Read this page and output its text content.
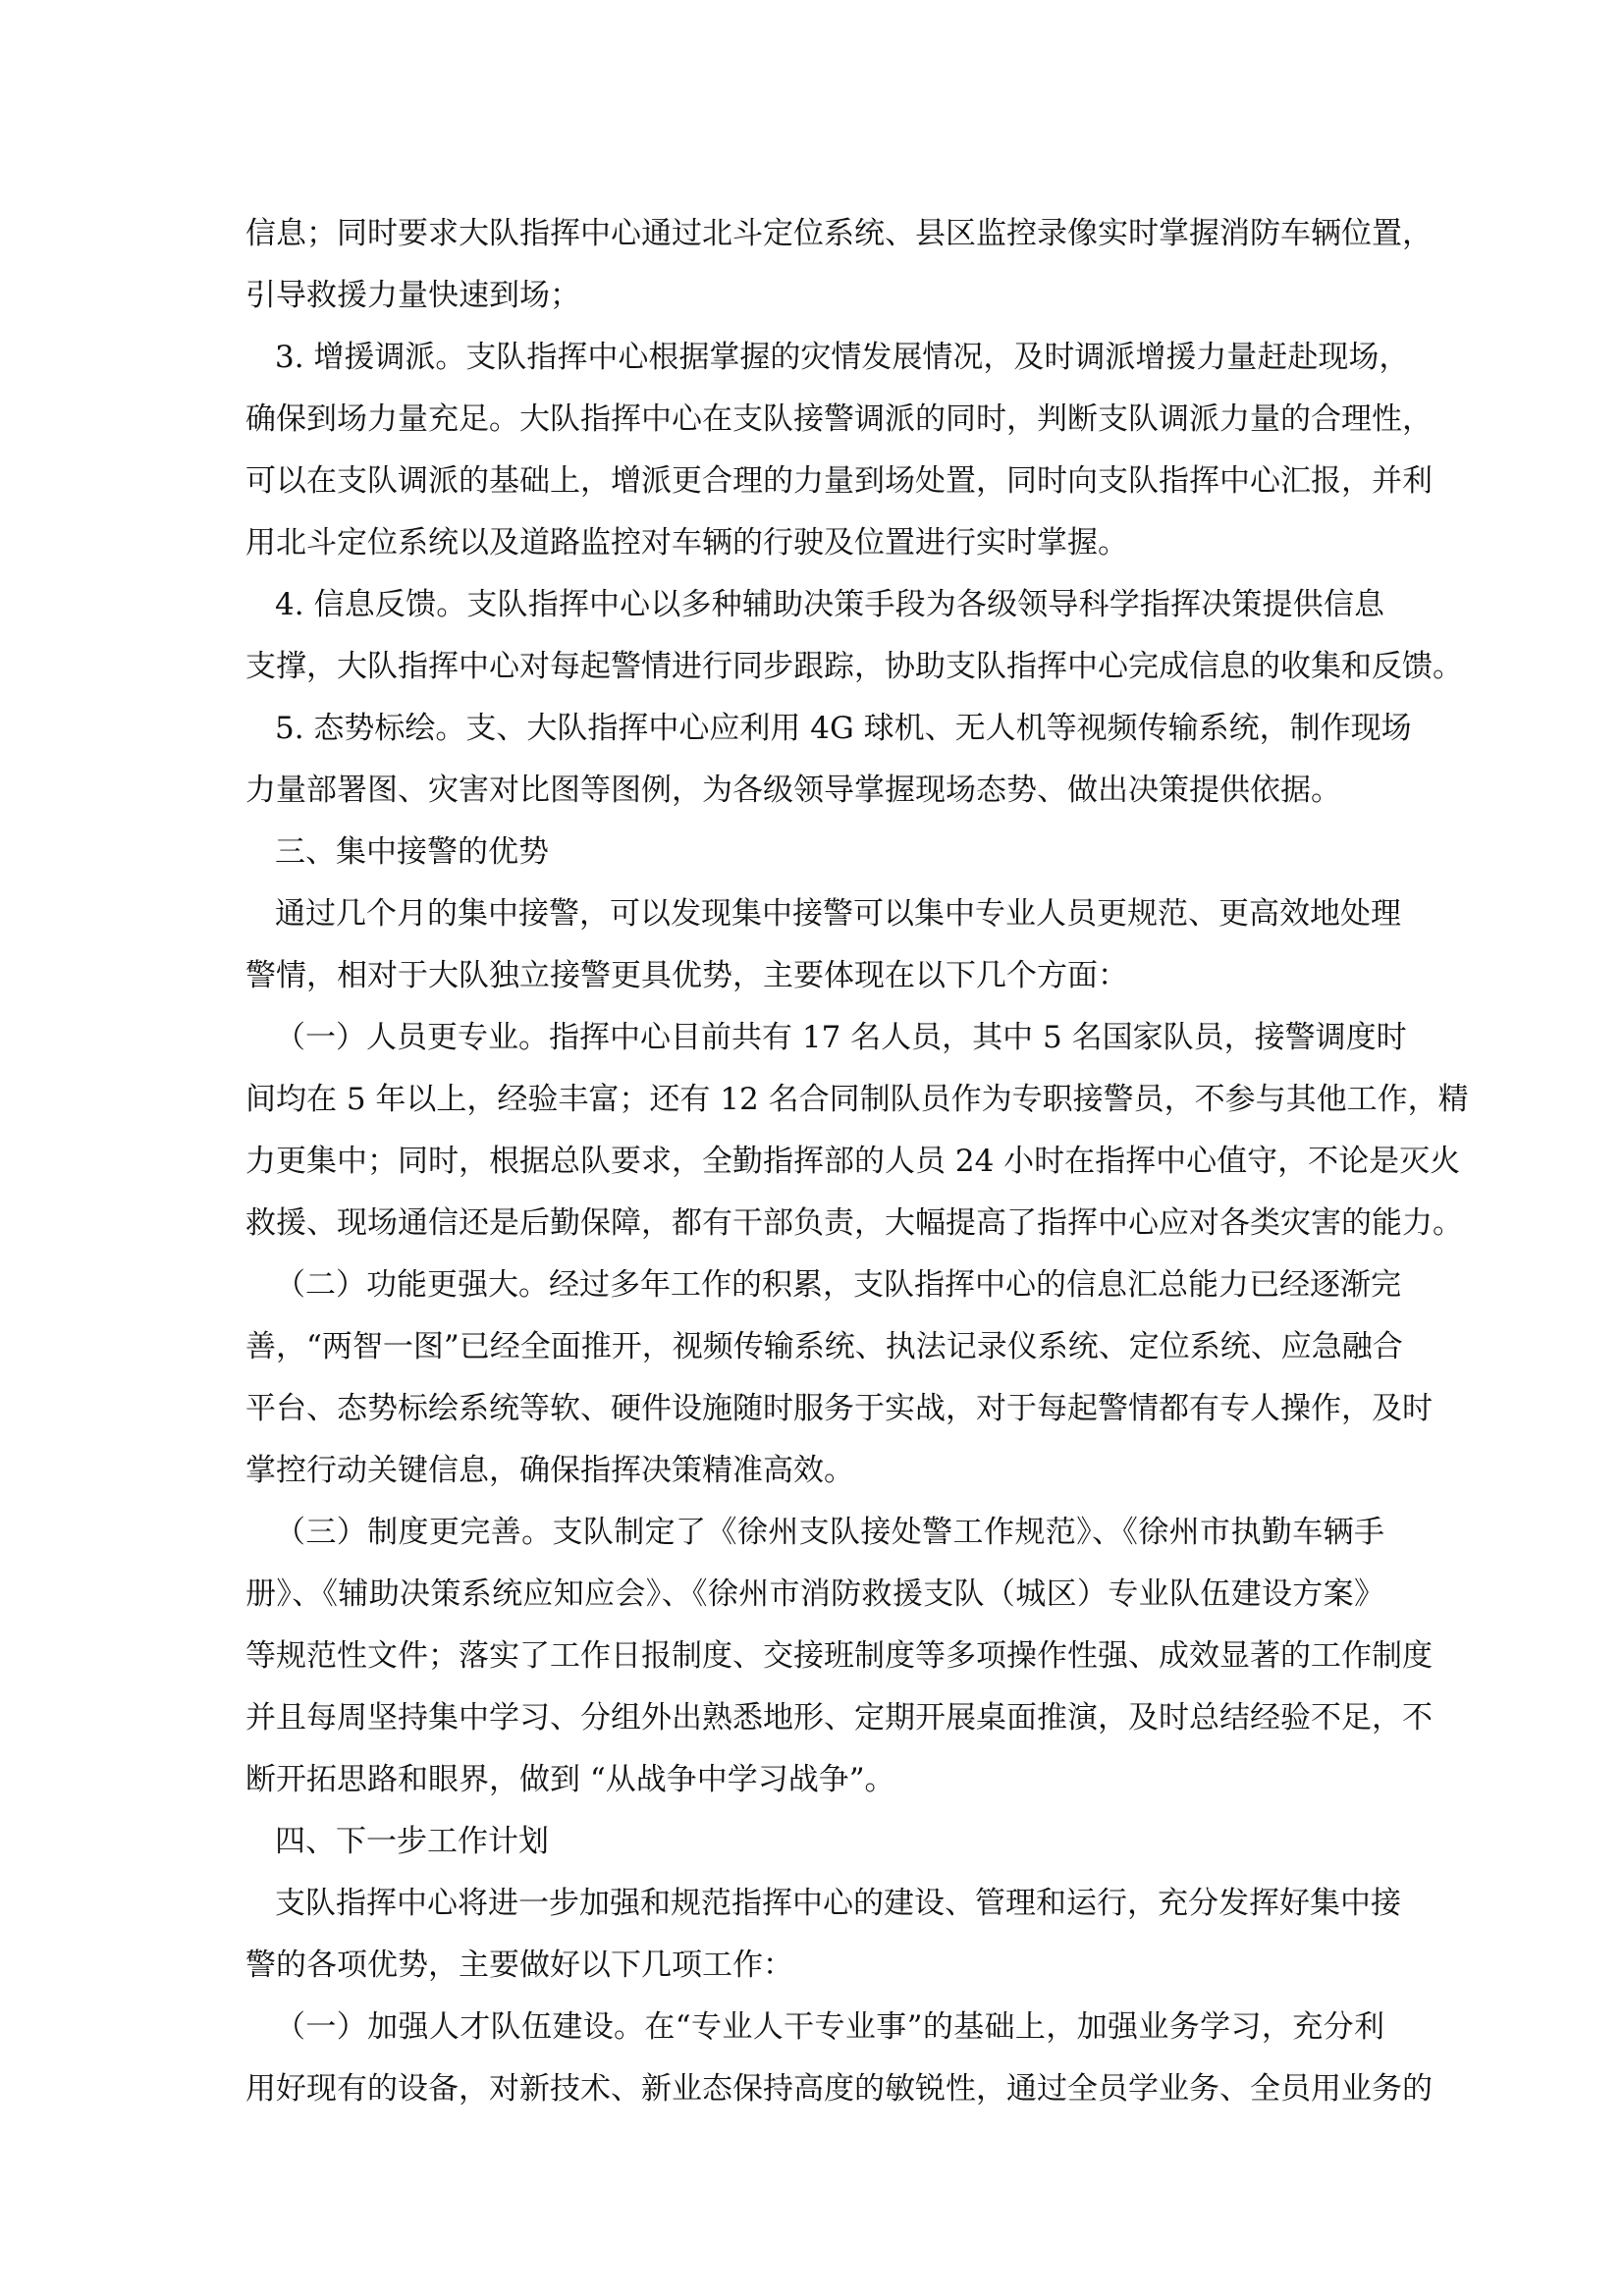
信息；同时要求大队指挥中心通过北斗定位系统、县区监控录像实时掌握消防车辆位置，
引导救援力量快速到场；
3. 增援调派。支队指挥中心根据掌握的灾情发展情况，及时调派增援力量赶赴现场，
确保到场力量充足。大队指挥中心在支队接警调派的同时，判断支队调派力量的合理性，
可以在支队调派的基础上，增派更合理的力量到场处置，同时向支队指挥中心汇报，并利
用北斗定位系统以及道路监控对车辆的行驶及位置进行实时掌握。
4. 信息反馈。支队指挥中心以多种辅助决策手段为各级领导科学指挥决策提供信息
支撑，大队指挥中心对每起警情进行同步跟踪，协助支队指挥中心完成信息的收集和反馈。
5. 态势标绘。支、大队指挥中心应利用 4G 球机、无人机等视频传输系统，制作现场
力量部署图、灾害对比图等图例，为各级领导掌握现场态势、做出决策提供依据。
三、集中接警的优势
通过几个月的集中接警，可以发现集中接警可以集中专业人员更规范、更高效地处理
警情，相对于大队独立接警更具优势，主要体现在以下几个方面：
（一）人员更专业。指挥中心目前共有 17 名人员，其中 5 名国家队员，接警调度时
间均在 5 年以上，经验丰富；还有 12 名合同制队员作为专职接警员，不参与其他工作，精
力更集中；同时，根据总队要求，全勤指挥部的人员 24 小时在指挥中心值守，不论是灭火
救援、现场通信还是后勤保障，都有干部负责，大幅提高了指挥中心应对各类灾害的能力。
（二）功能更强大。经过多年工作的积累，支队指挥中心的信息汇总能力已经逐渐完
善，“两智一图”已经全面推开，视频传输系统、执法记录仪系统、定位系统、应急融合
平台、态势标绘系统等软、硬件设施随时服务于实战，对于每起警情都有专人操作，及时
掌控行动关键信息，确保指挥决策精准高效。
（三）制度更完善。支队制定了《徐州支队接处警工作规范》、《徐州市执勤车辆手
册》、《辅助决策系统应知应会》、《徐州市消防救援支队（城区）专业队伍建设方案》
等规范性文件；落实了工作日报制度、交接班制度等多项操作性强、成效显著的工作制度
并且每周坚持集中学习、分组外出熟悉地形、定期开展桌面推演，及时总结经验不足，不
断开拓思路和眼界，做到 “从战争中学习战争”。
四、下一步工作计划
支队指挥中心将进一步加强和规范指挥中心的建设、管理和运行，充分发挥好集中接
警的各项优势，主要做好以下几项工作：
（一）加强人才队伍建设。在“专业人干专业事”的基础上，加强业务学习，充分利
用好现有的设备，对新技术、新业态保持高度的敏锐性，通过全员学业务、全员用业务的
